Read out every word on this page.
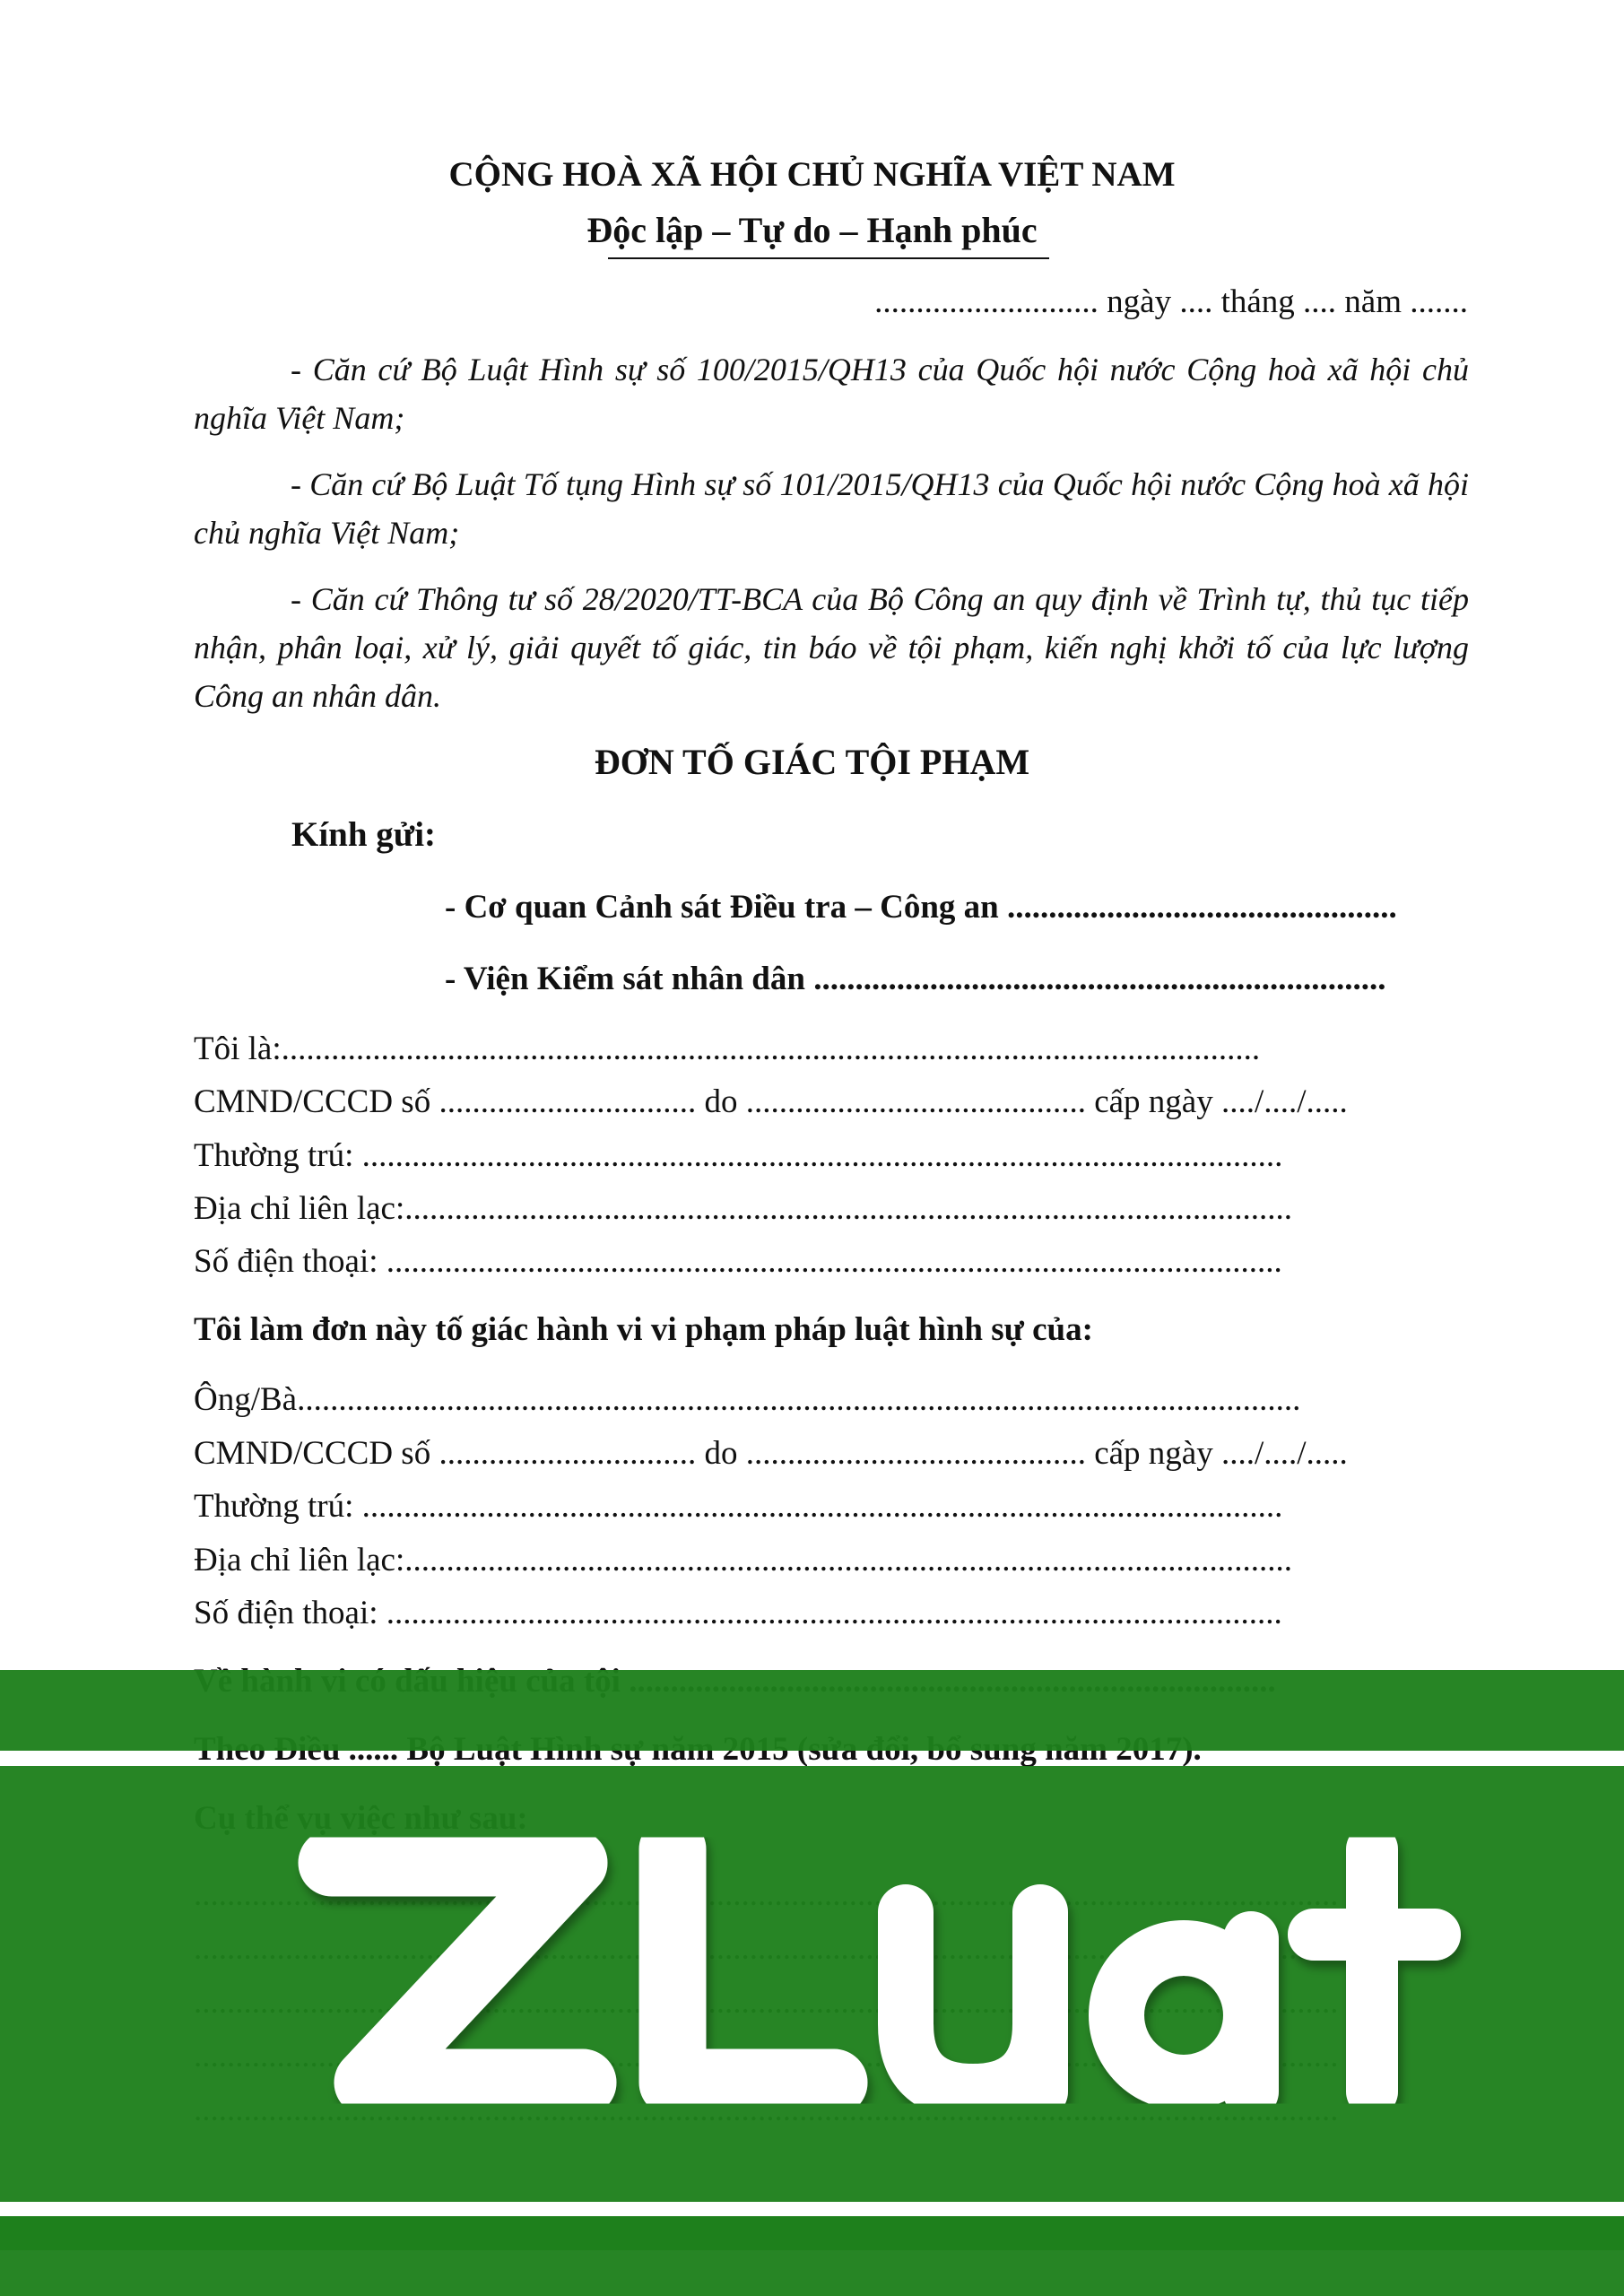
CỘNG HOÀ XÃ HỘI CHỦ NGHĨA VIỆT NAM
Độc lập – Tự do – Hạnh phúc
........................... ngày .... tháng .... năm .......

- Căn cứ Bộ Luật Hình sự số 100/2015/QH13 của Quốc hội nước Cộng hoà xã hội chủ nghĩa Việt Nam;

- Căn cứ Bộ Luật Tố tụng Hình sự số 101/2015/QH13 của Quốc hội nước Cộng hoà xã hội chủ nghĩa Việt Nam;

- Căn cứ Thông tư số 28/2020/TT-BCA của Bộ Công an quy định về Trình tự, thủ tục tiếp nhận, phân loại, xử lý, giải quyết tố giác, tin báo về tội phạm, kiến nghị khởi tố của lực lượng Công an nhân dân.

ĐƠN TỐ GIÁC TỘI PHẠM
Kính gửi:
- Cơ quan Cảnh sát Điều tra – Công an ...............................................
- Viện Kiểm sát nhân dân .....................................................................
Tôi là:......................................................................................................................
CMND/CCCD số ............................... do ......................................... cấp ngày ..../..../.....
Thường trú: ...............................................................................................................
Địa chỉ liên lạc:...........................................................................................................
Số điện thoại: ............................................................................................................
Tôi làm đơn này tố giác hành vi vi phạm pháp luật hình sự của:
Ông/Bà.........................................................................................................................
CMND/CCCD số ............................... do ......................................... cấp ngày ..../..../.....
Thường trú: ...............................................................................................................
Địa chỉ liên lạc:...........................................................................................................
Số điện thoại: ............................................................................................................
